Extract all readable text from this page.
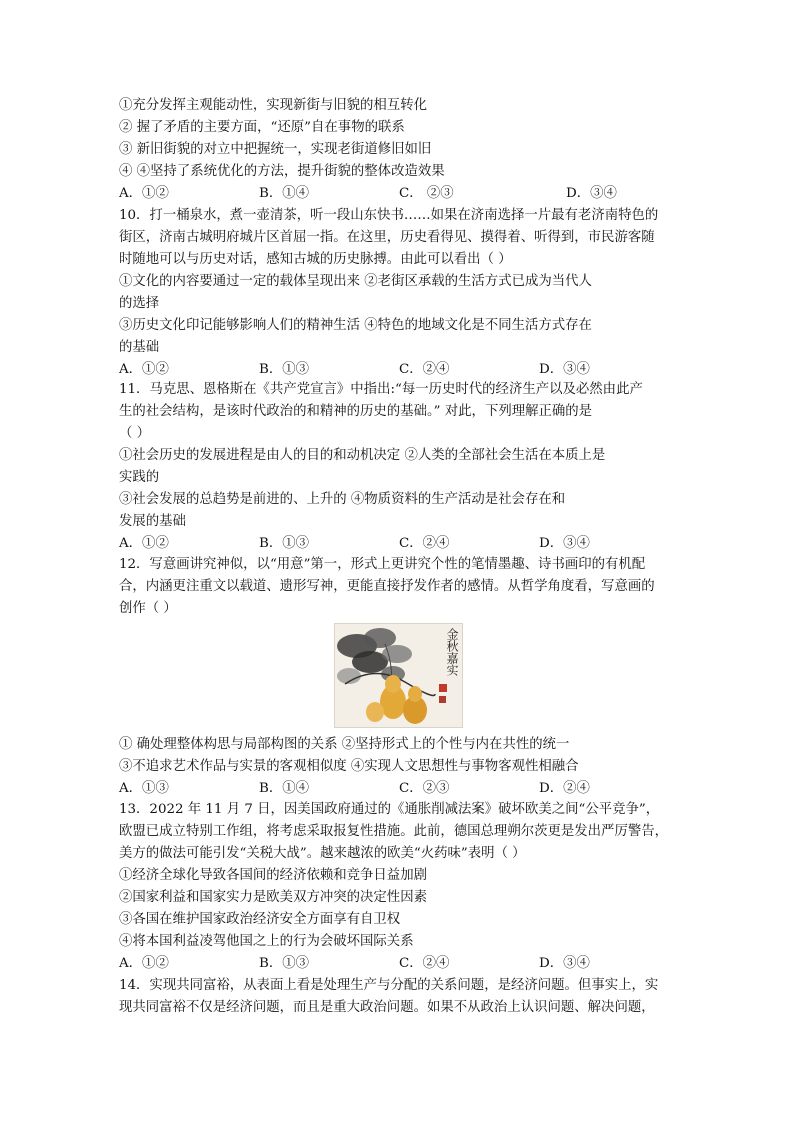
①充分发挥主观能动性，实现新街与旧貌的相互转化
② 握了矛盾的主要方面，“还原”自在事物的联系
③ 新旧街貌的对立中把握统一，实现老街道修旧如旧
④ ④坚持了系统优化的方法，提升街貌的整体改造效果
A．①②	B．①④	C． ②③	D．③④
10．打一桶泉水，煮一壶清茶，听一段山东快书……如果在济南选择一片最有老济南特色的
街区，济南古城明府城片区首屈一指。在这里，历史看得见、摸得着、听得到，市民游客随
时随地可以与历史对话，感知古城的历史脉搏。由此可以看出（ ）
①文化的内容要通过一定的载体呈现出来 ②老街区承载的生活方式已成为当代人
的选择
③历史文化印记能够影响人们的精神生活 ④特色的地域文化是不同生活方式存在
的基础
A．①②	B．①③	C．②④	D．③④
11．马克思、恩格斯在《共产党宣言》中指出:“每一历史时代的经济生产以及必然由此产
生的社会结构，是该时代政治的和精神的历史的基础。” 对此，下列理解正确的是
（ ）
①社会历史的发展进程是由人的目的和动机决定 ②人类的全部社会生活在本质上是
实践的
③社会发展的总趋势是前进的、上升的 ④物质资料的生产活动是社会存在和
发展的基础
A．①②	B．①③	C．②④	D．③④
12．写意画讲究神似，以“用意”第一，形式上更讲究个性的笔情墨趣、诗书画印的有机配
合，内涵更注重文以载道、遗形写神，更能直接抒发作者的感情。从哲学角度看，写意画的
创作（ ）
金秋嘉实
① 确处理整体构思与局部构图的关系 ②坚持形式上的个性与内在共性的统一
③不追求艺术作品与实景的客观相似度 ④实现人文思想性与事物客观性相融合
A．①③	B．①④	C．②③	D．②④
13．2022 年 11 月 7 日，因美国政府通过的《通胀削减法案》破坏欧美之间“公平竞争”，
欧盟已成立特别工作组，将考虑采取报复性措施。此前，德国总理朔尔茨更是发出严厉警告，
美方的做法可能引发“关税大战”。越来越浓的欧美“火药味”表明（ ）
①经济全球化导致各国间的经济依赖和竞争日益加剧
②国家利益和国家实力是欧美双方冲突的决定性因素
③各国在维护国家政治经济安全方面享有自卫权
④将本国利益凌驾他国之上的行为会破坏国际关系
A．①②	B．①③	C．②④	D．③④
14．实现共同富裕，从表面上看是处理生产与分配的关系问题，是经济问题。但事实上，实
现共同富裕不仅是经济问题，而且是重大政治问题。如果不从政治上认识问题、解决问题，
